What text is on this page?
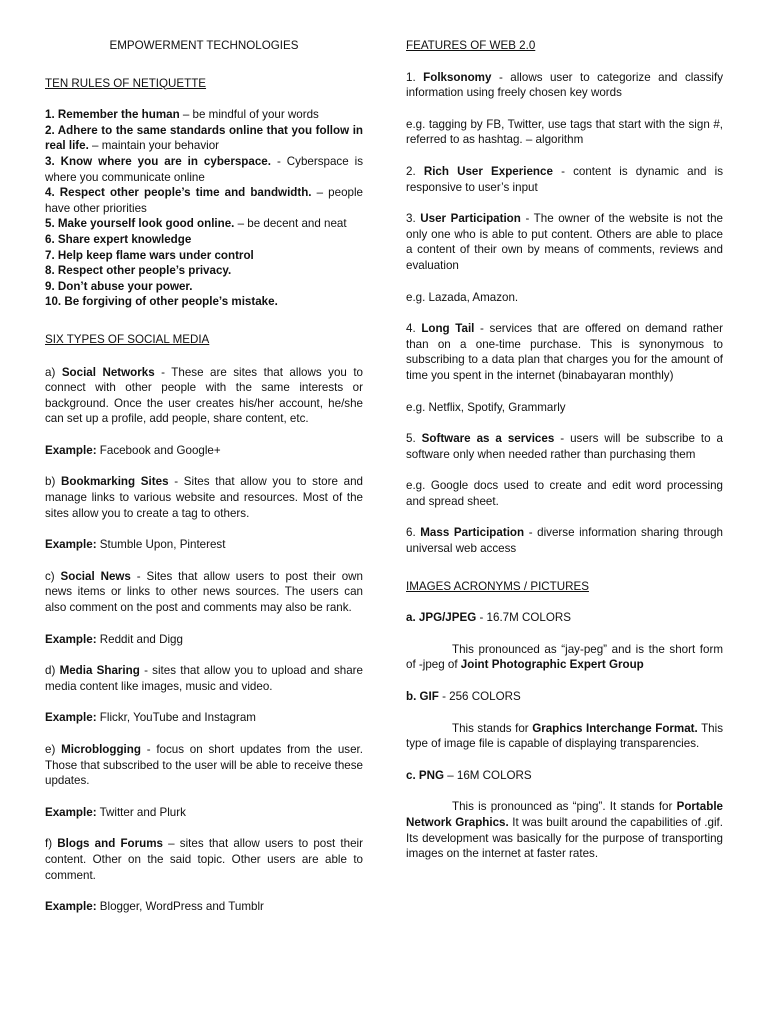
EMPOWERMENT TECHNOLOGIES

TEN RULES OF NETIQUETTE

1. Remember the human – be mindful of your words

2. Adhere to the same standards online that you follow in real life. – maintain your behavior

3. Know where you are in cyberspace. - Cyberspace is where you communicate online

4. Respect other people’s time and bandwidth. – people have other priorities

5. Make yourself look good online. – be decent and neat

6. Share expert knowledge

7. Help keep flame wars under control

8. Respect other people’s privacy.

9. Don’t abuse your power.

10. Be forgiving of other people’s mistake.

SIX TYPES OF SOCIAL MEDIA

a) Social Networks - These are sites that allows you to connect with other people with the same interests or background. Once the user creates his/her account, he/she can set up a profile, add people, share content, etc.

Example: Facebook and Google+

b) Bookmarking Sites - Sites that allow you to store and manage links to various website and resources. Most of the sites allow you to create a tag to others.

Example: Stumble Upon, Pinterest

c) Social News - Sites that allow users to post their own news items or links to other news sources. The users can also comment on the post and comments may also be rank.

Example: Reddit and Digg

d) Media Sharing - sites that allow you to upload and share media content like images, music and video.

Example: Flickr, YouTube and Instagram

e) Microblogging - focus on short updates from the user. Those that subscribed to the user will be able to receive these updates.

Example: Twitter and Plurk

f) Blogs and Forums – sites that allow users to post their content. Other on the said topic. Other users are able to comment.

Example: Blogger, WordPress and Tumblr

FEATURES OF WEB 2.0

1. Folksonomy - allows user to categorize and classify information using freely chosen key words

e.g. tagging by FB, Twitter, use tags that start with the sign #, referred to as hashtag. – algorithm

2. Rich User Experience - content is dynamic and is responsive to user’s input

3. User Participation - The owner of the website is not the only one who is able to put content. Others are able to place a content of their own by means of comments, reviews and evaluation

e.g. Lazada, Amazon.

4. Long Tail - services that are offered on demand rather than on a one-time purchase. This is synonymous to subscribing to a data plan that charges you for the amount of time you spent in the internet (binabayaran monthly)

e.g. Netflix, Spotify, Grammarly

5. Software as a services - users will be subscribe to a software only when needed rather than purchasing them

e.g. Google docs used to create and edit word processing and spread sheet.

6. Mass Participation - diverse information sharing through universal web access

IMAGES ACRONYMS / PICTURES

a. JPG/JPEG - 16.7M COLORS

This pronounced as “jay-peg” and is the short form of -jpeg of Joint Photographic Expert Group

b. GIF - 256 COLORS

This stands for Graphics Interchange Format. This type of image file is capable of displaying transparencies.

c. PNG – 16M COLORS

This is pronounced as “ping”. It stands for Portable Network Graphics. It was built around the capabilities of .gif. Its development was basically for the purpose of transporting images on the internet at faster rates.
